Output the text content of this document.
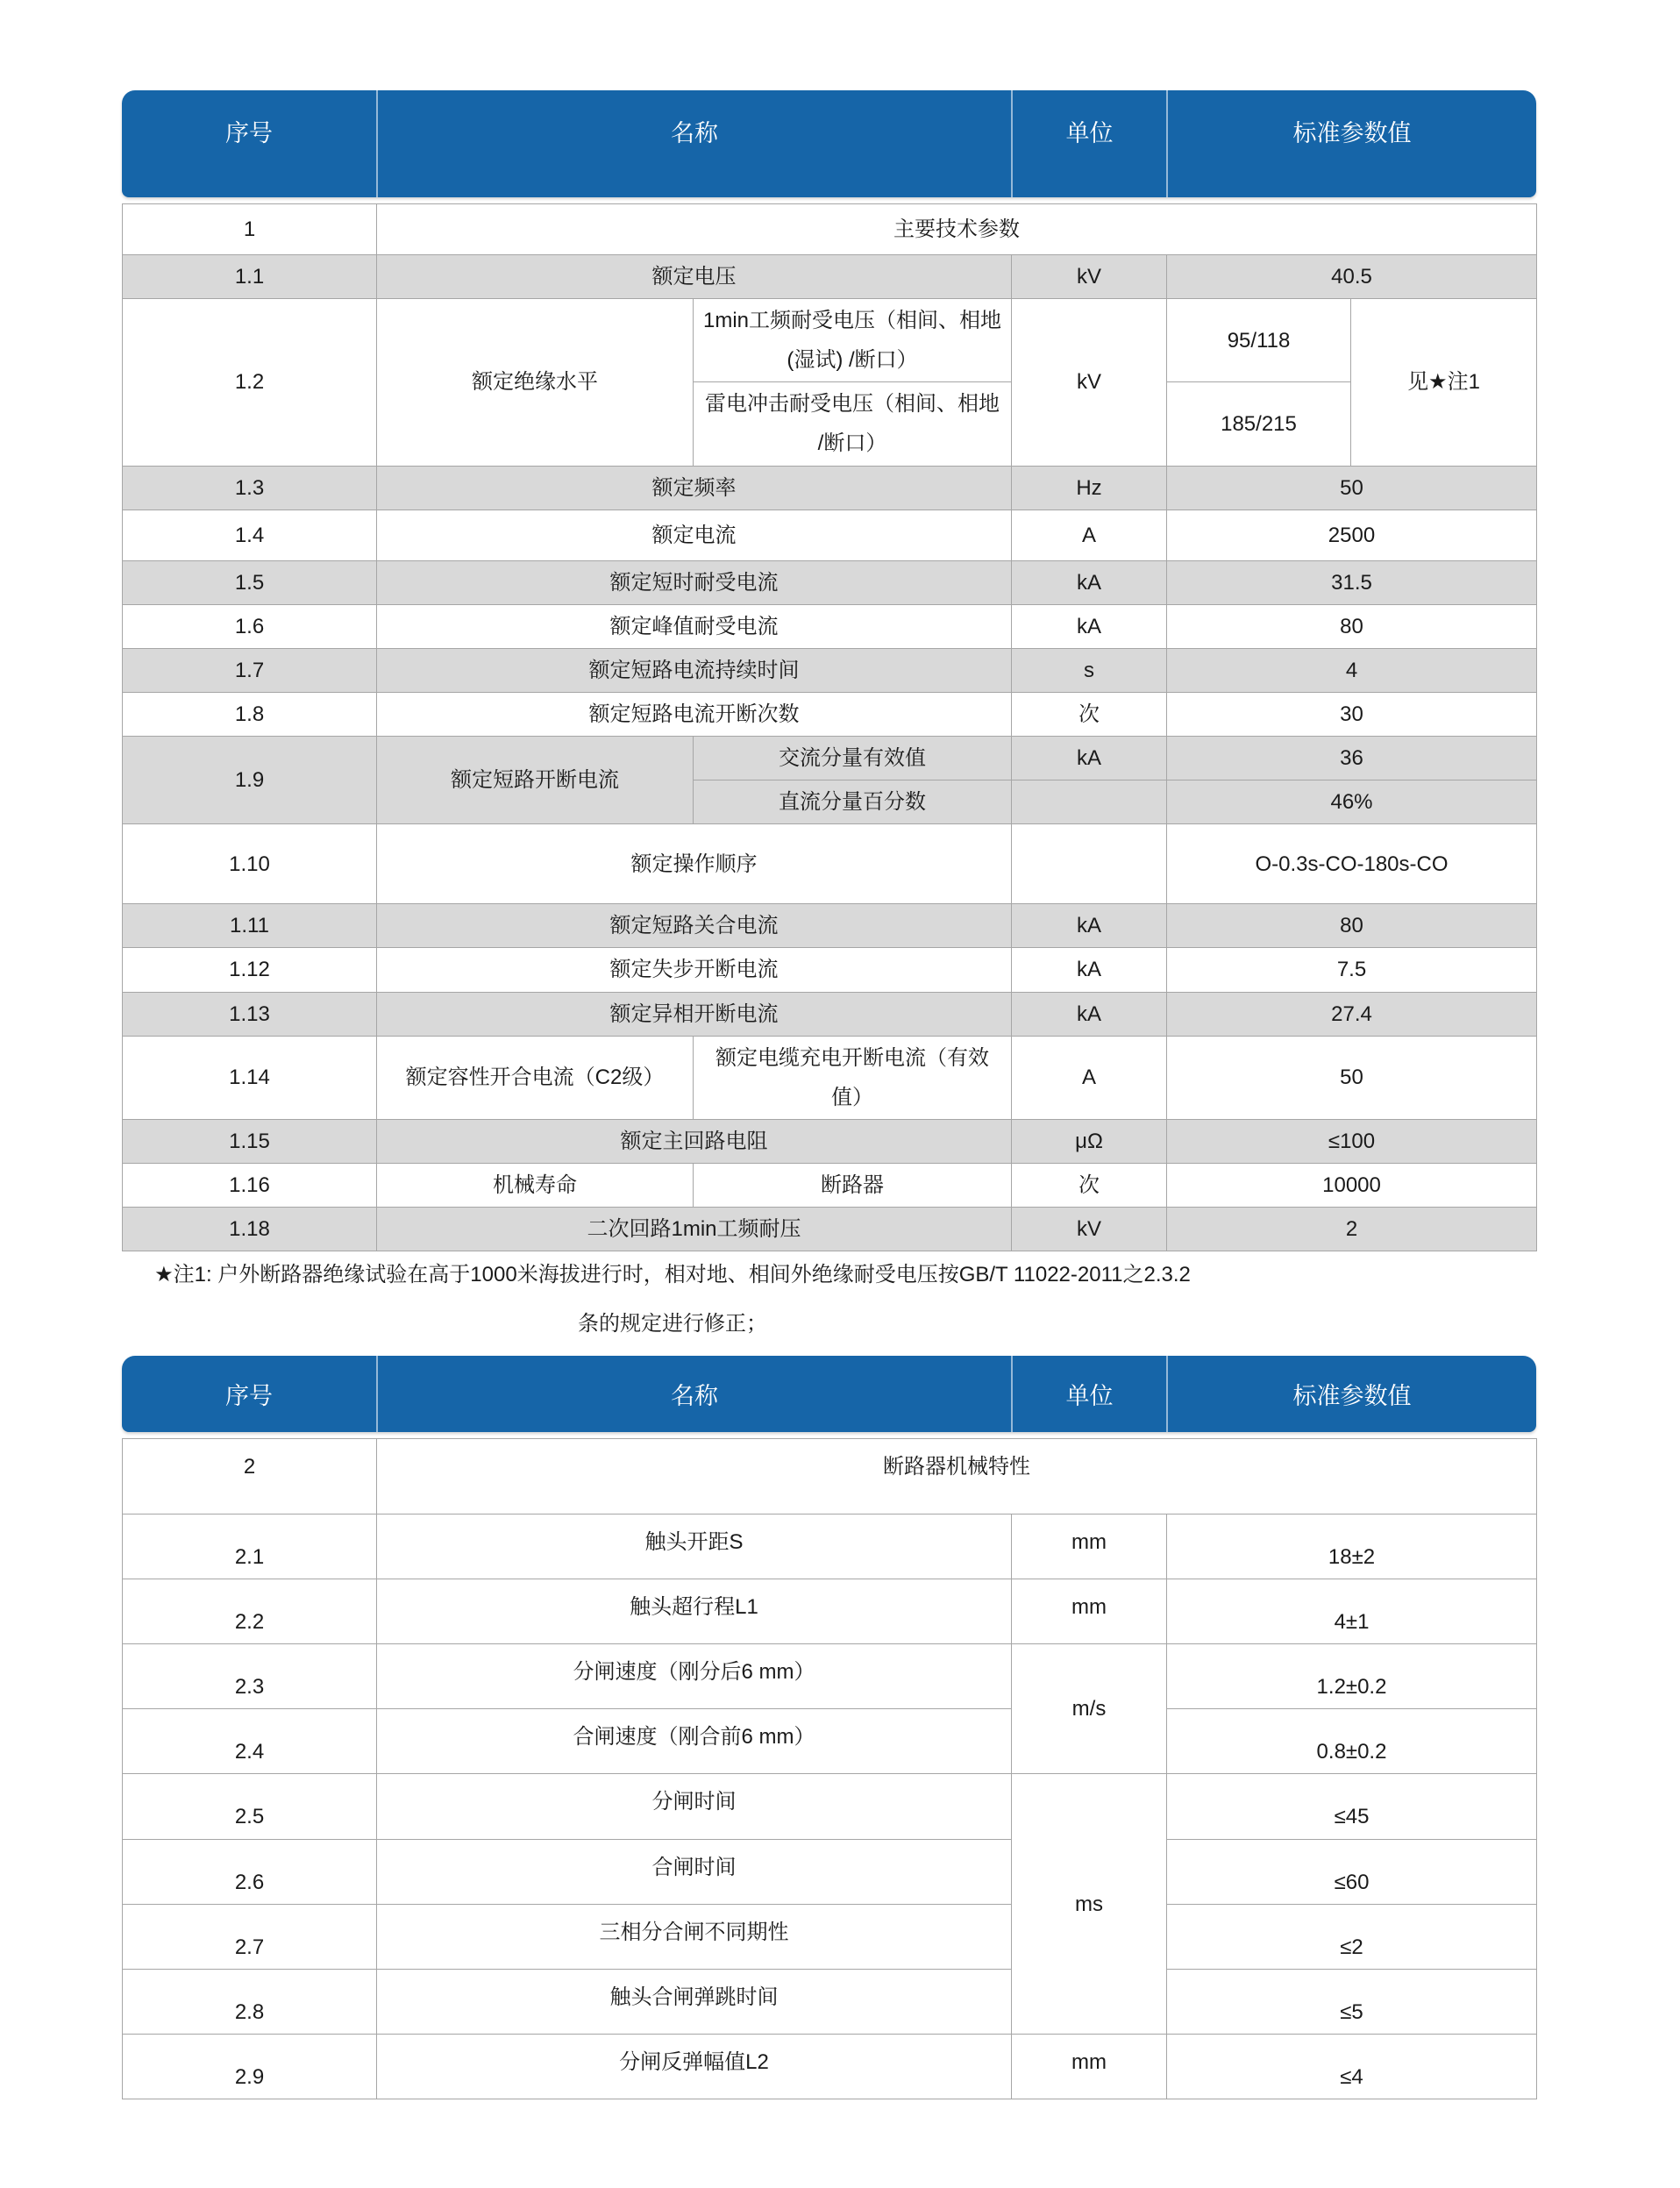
序号	名称	单位	标准参数值
1	主要技术参数				
1.1	额定电压		kV	40.5	
1.2	额定绝缘水平	1min工频耐受电压（相间、相地(湿试) /断口）	kV	95/118	见★注1
		雷电冲击耐受电压（相间、相地 /断口）		185/215	
1.3	额定频率		Hz	50	
1.4	额定电流		A	2500	
1.5	额定短时耐受电流		kA	31.5	
1.6	额定峰值耐受电流		kA	80	
1.7	额定短路电流持续时间		s	4	
1.8	额定短路电流开断次数		次	30	
1.9	额定短路开断电流	交流分量有效值	kA	36	
		直流分量百分数		46%	
1.10	额定操作顺序			O-0.3s-CO-180s-CO	
1.11	额定短路关合电流		kA	80	
1.12	额定失步开断电流		kA	7.5	
1.13	额定异相开断电流		kA	27.4	
1.14	额定容性开合电流（C2级）	额定电缆充电开断电流（有效值）	A	50	
1.15	额定主回路电阻		μΩ	≤100	
1.16	机械寿命	断路器	次	10000	
1.18	二次回路1min工频耐压		kV	2	
★注1: 户外断路器绝缘试验在高于1000米海拔进行时，相对地、相间外绝缘耐受电压按GB/T 11022-2011之2.3.2
条的规定进行修正；
序号	名称	单位	标准参数值
2	断路器机械特性		
2.1	触头开距S	mm	18±2
2.2	触头超行程L1	mm	4±1
2.3	分闸速度（刚分后6 mm）	m/s	1.2±0.2
2.4	合闸速度（刚合前6 mm）		0.8±0.2
2.5	分闸时间	ms	≤45
2.6	合闸时间		≤60
2.7	三相分合闸不同期性		≤2
2.8	触头合闸弹跳时间		≤5
2.9	分闸反弹幅值L2	mm	≤4
